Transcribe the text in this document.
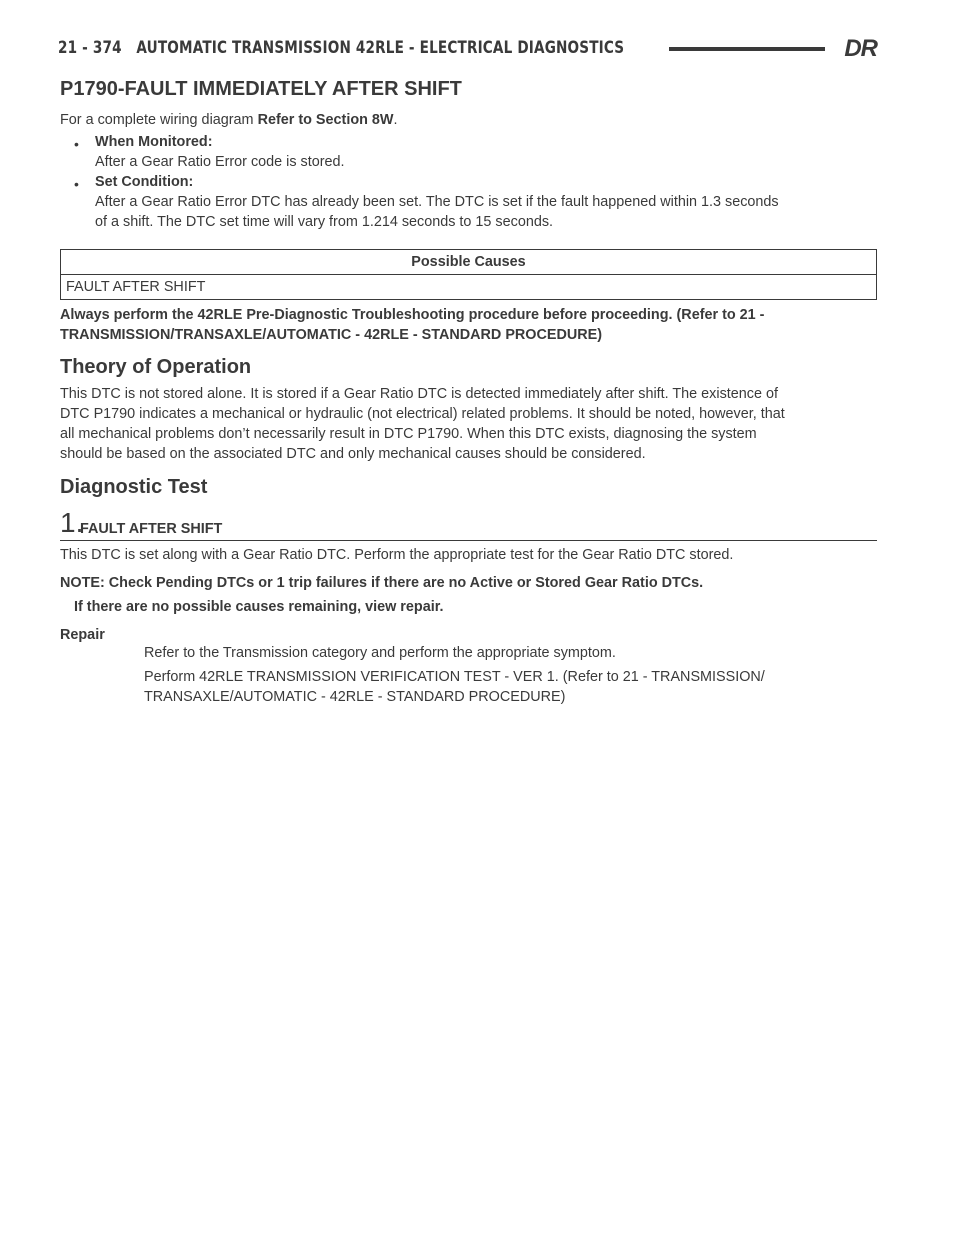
21 - 374 AUTOMATIC TRANSMISSION 42RLE - ELECTRICAL DIAGNOSTICS	DR
P1790-FAULT IMMEDIATELY AFTER SHIFT
For a complete wiring diagram Refer to Section 8W.
• When Monitored:
After a Gear Ratio Error code is stored.
• Set Condition:
After a Gear Ratio Error DTC has already been set. The DTC is set if the fault happened within 1.3 seconds
of a shift. The DTC set time will vary from 1.214 seconds to 15 seconds.
Possible Causes
FAULT AFTER SHIFT
Always perform the 42RLE Pre-Diagnostic Troubleshooting procedure before proceeding. (Refer to 21 -
TRANSMISSION/TRANSAXLE/AUTOMATIC - 42RLE - STANDARD PROCEDURE)
Theory of Operation
This DTC is not stored alone. It is stored if a Gear Ratio DTC is detected immediately after shift. The existence of
DTC P1790 indicates a mechanical or hydraulic (not electrical) related problems. It should be noted, however, that
all mechanical problems don’t necessarily result in DTC P1790. When this DTC exists, diagnosing the system
should be based on the associated DTC and only mechanical causes should be considered.
Diagnostic Test
1.
FAULT AFTER SHIFT
This DTC is set along with a Gear Ratio DTC. Perform the appropriate test for the Gear Ratio DTC stored.
NOTE: Check Pending DTCs or 1 trip failures if there are no Active or Stored Gear Ratio DTCs.
If there are no possible causes remaining, view repair.
Repair
Refer to the Transmission category and perform the appropriate symptom.
Perform 42RLE TRANSMISSION VERIFICATION TEST - VER 1. (Refer to 21 - TRANSMISSION/
TRANSAXLE/AUTOMATIC - 42RLE - STANDARD PROCEDURE)
